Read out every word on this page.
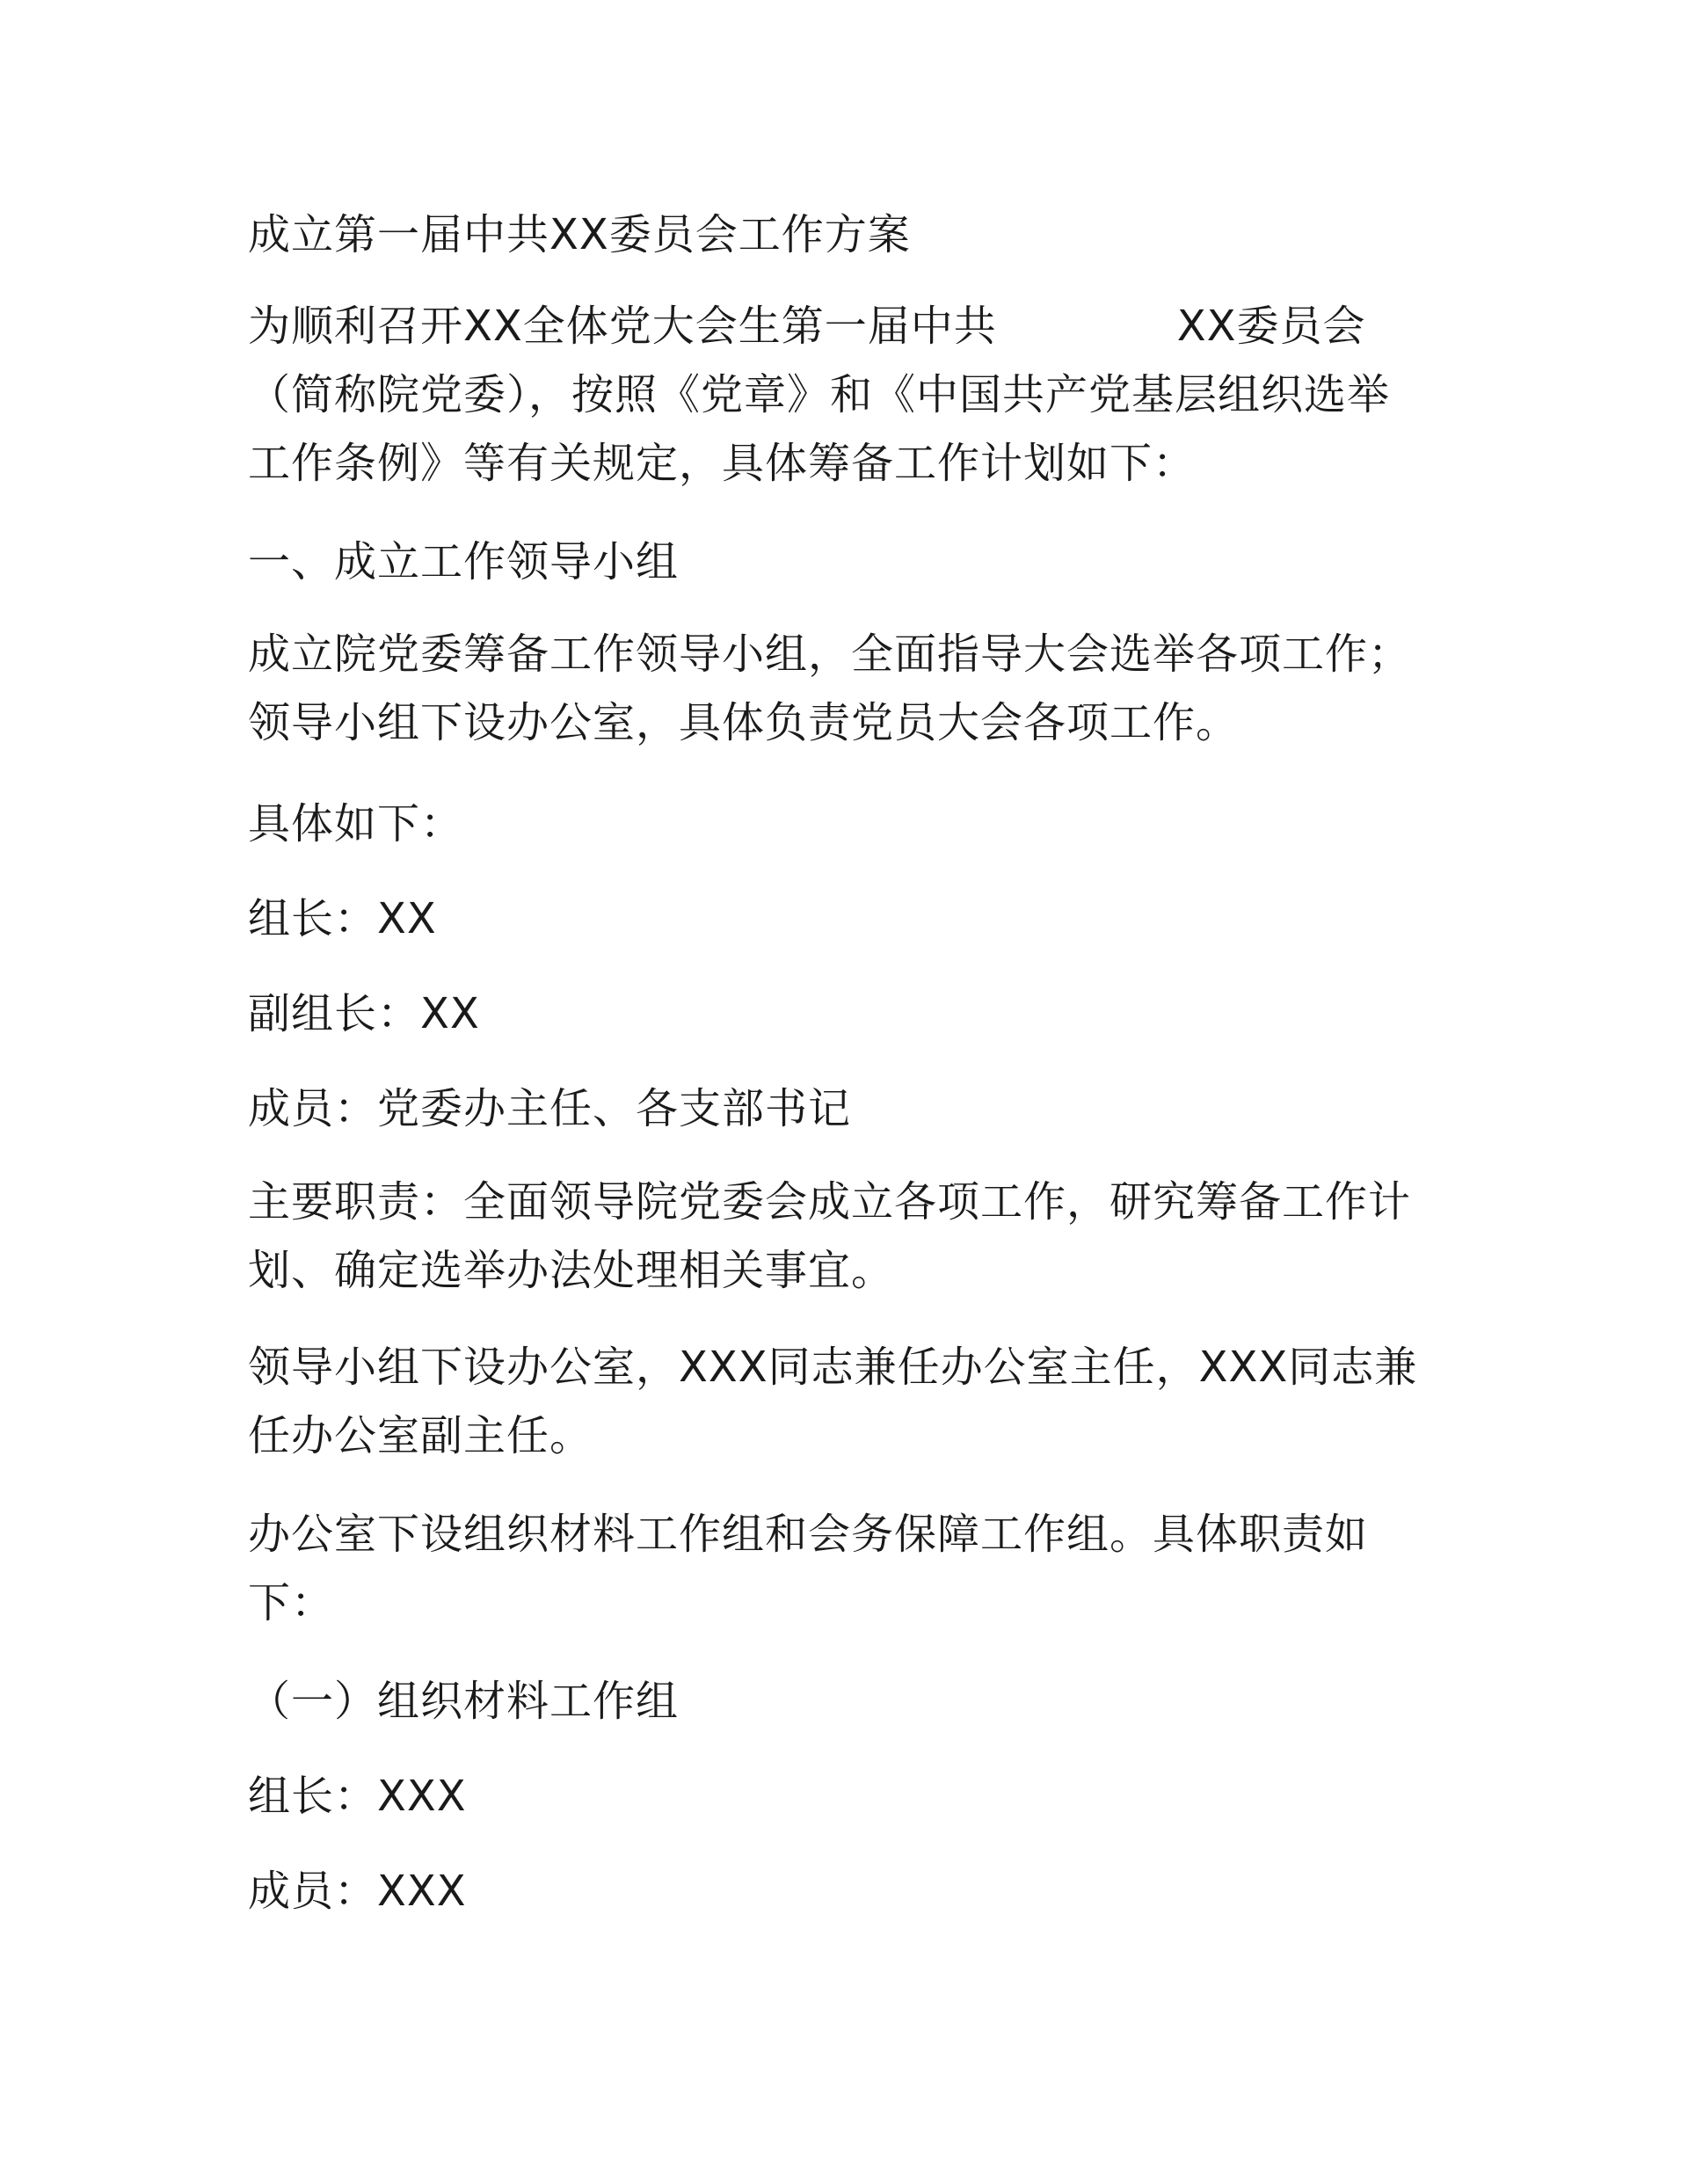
成立第一届中共XX委员会工作方案

为顺利召开XX全体党大会生第一届中共	XX委员会
（简称院党委），按照《党章》和《中国共产党基层组织选举
工作条例》等有关规定，具体筹备工作计划如下：

一、成立工作领导小组

成立院党委筹备工作领导小组，全面指导大会选举各项工作；
领导小组下设办公室，具体负责党员大会各项工作。

具体如下：

组长：XX

副组长：XX

成员：党委办主任、各支部书记

主要职责：全面领导院党委会成立各项工作，研究筹备工作计
划、确定选举办法处理相关事宜。

领导小组下设办公室，XXX同志兼任办公室主任，XXX同志兼
任办公室副主任。

办公室下设组织材料工作组和会务保障工作组。具体职责如
下：

（一）组织材料工作组

组长：XXX

成员：XXX
